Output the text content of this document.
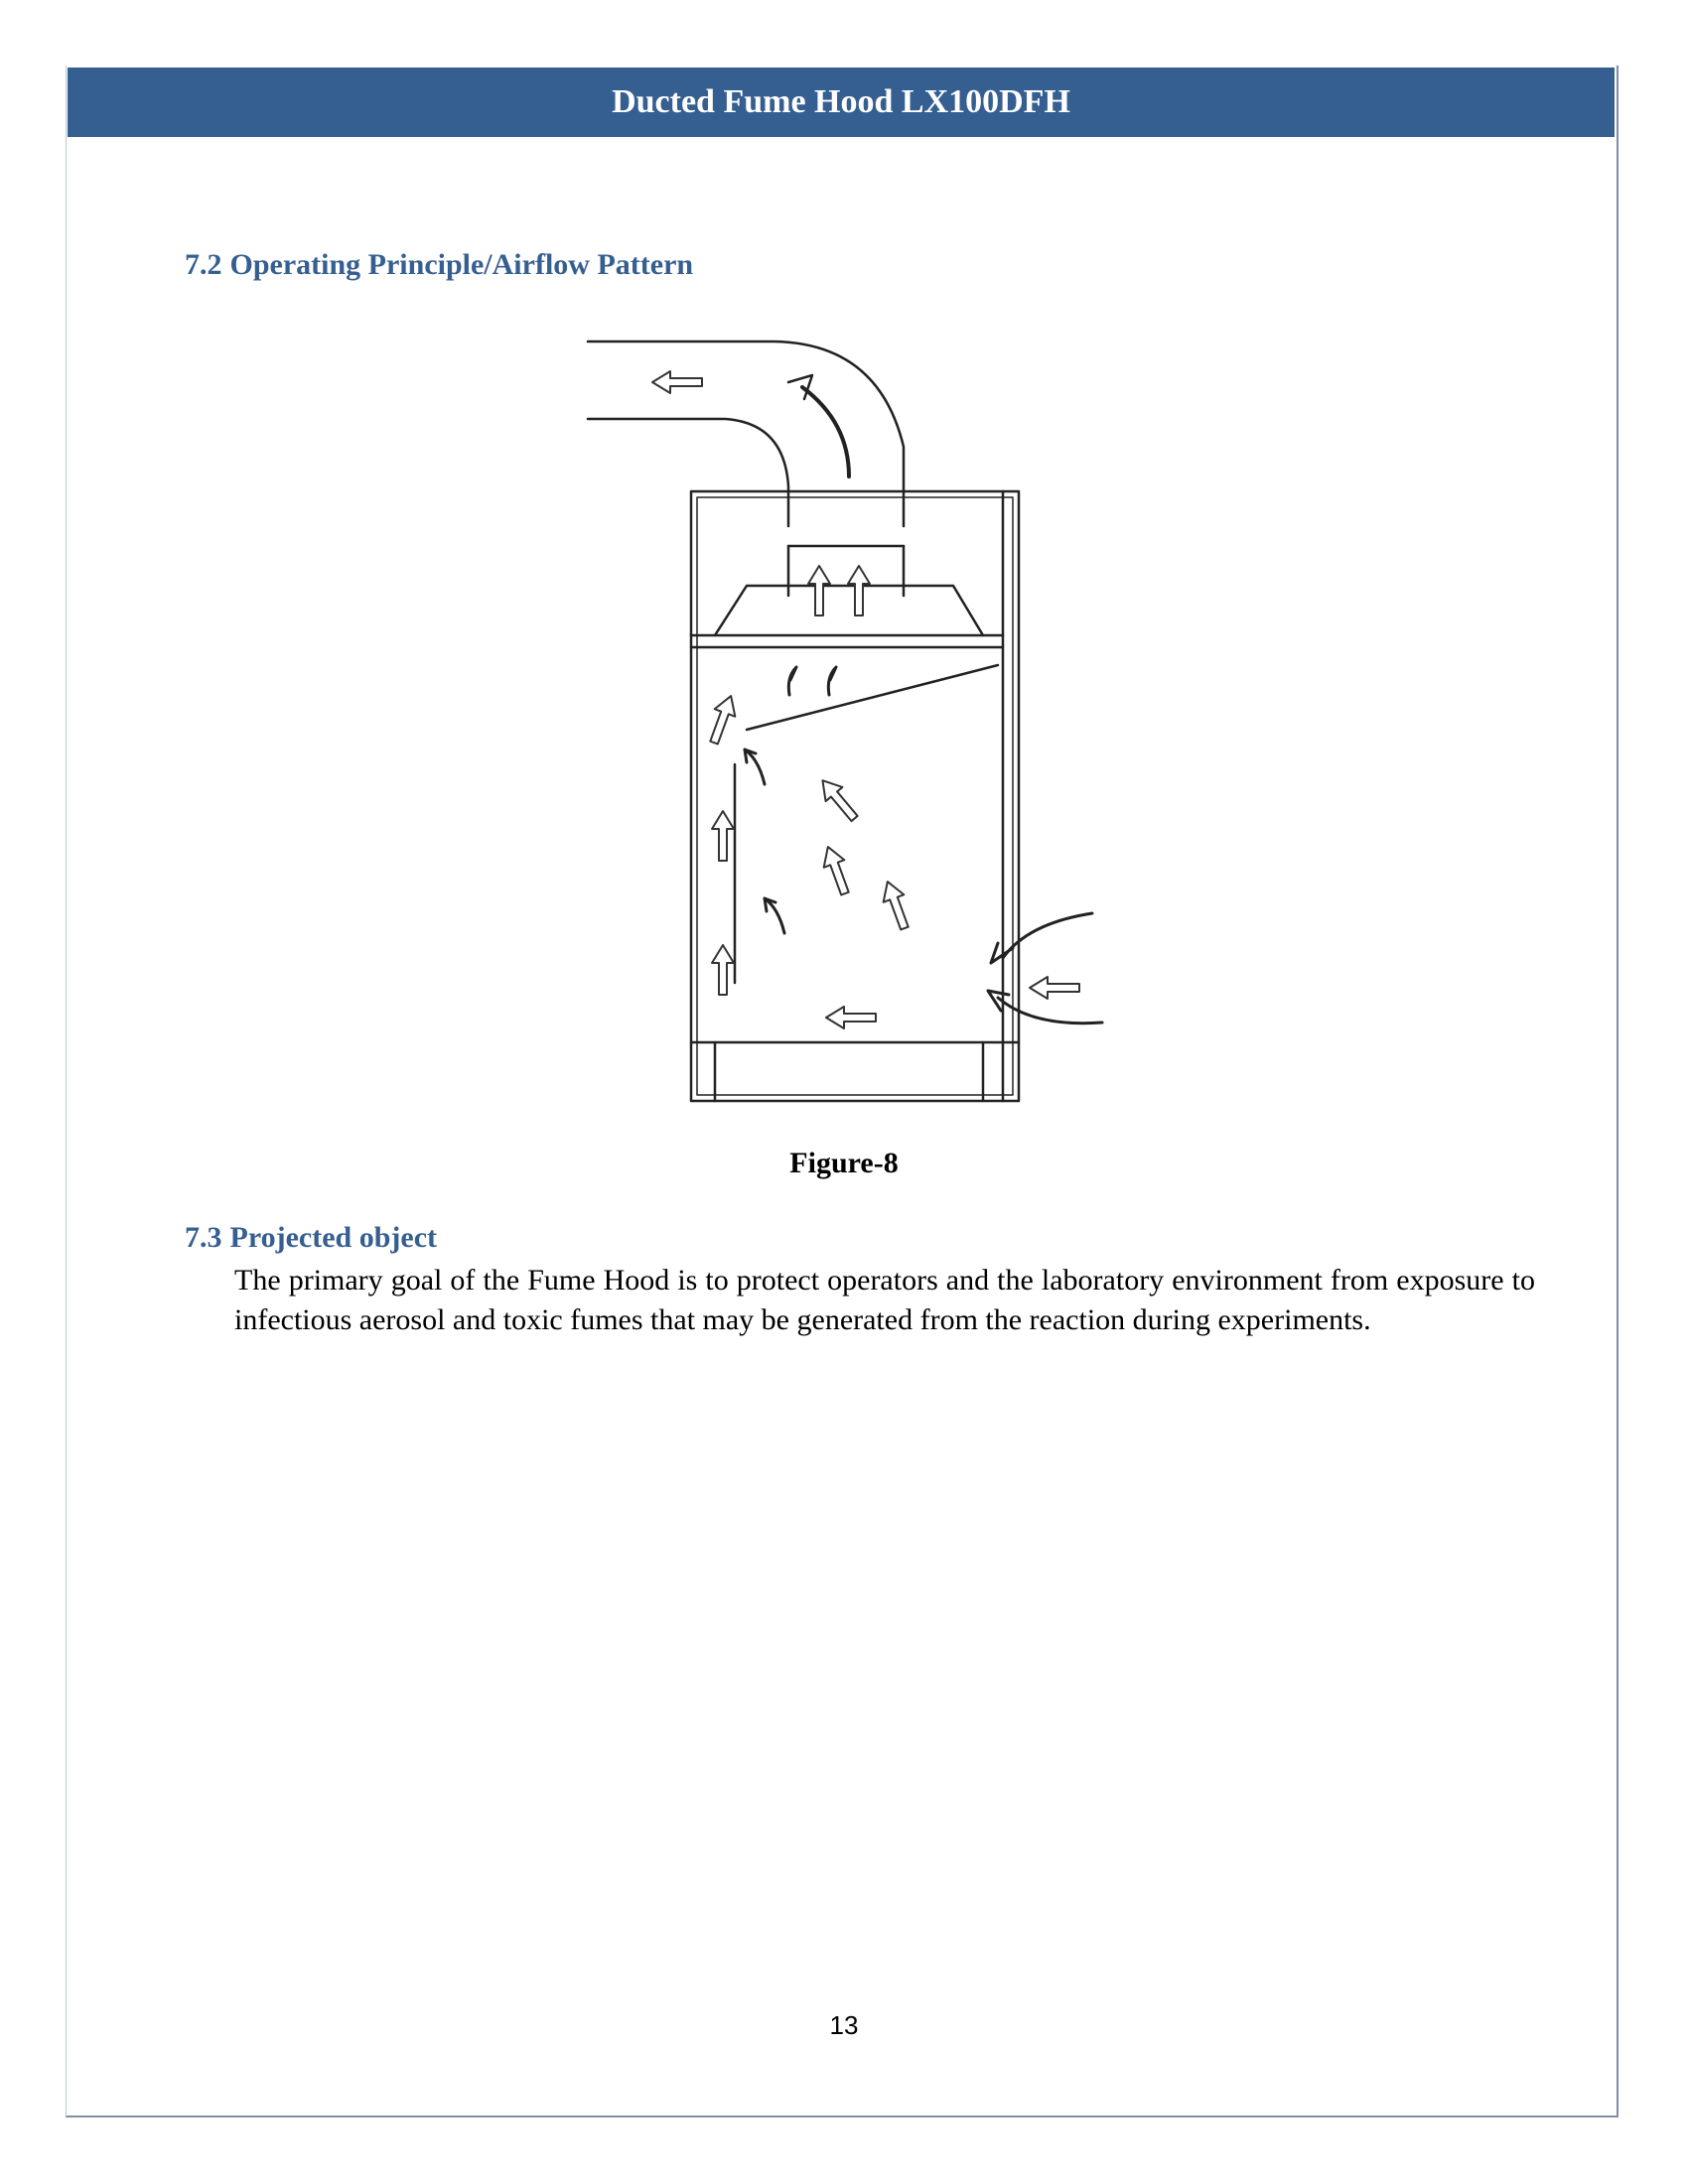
Ducted Fume Hood LX100DFH
7.2 Operating Principle/Airflow Pattern
Figure-8
7.3 Projected object
The primary goal of the Fume Hood is to protect operators and the laboratory environment from exposure to infectious aerosol and toxic fumes that may be generated from the reaction during experiments.
13
